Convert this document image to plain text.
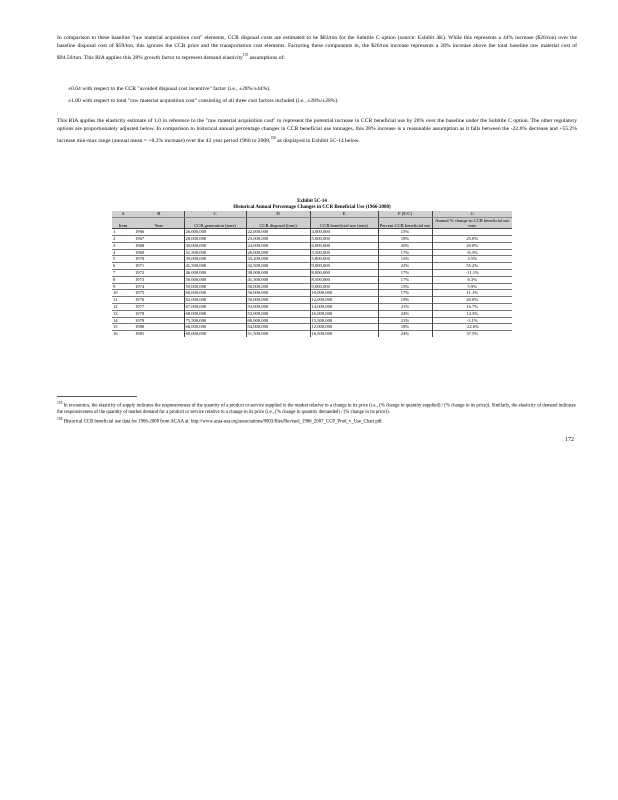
In comparison to these baseline "raw material acquisition cost" elements, CCR disposal costs are estimated to be $83/ton for the Subtitle C option (source: Exhibit 4K). While this represents a 44% increase ($26/ton) over the baseline disposal cost of $59/ton, this ignores the CCR price and the transportation cost elements. Factoring these components in, the $26/ton increase represents a 28% increase above the total baseline raw material cost of $94.50/ton. This RIA applies this 28% growth factor to represent demand elasticity$^{155}$ assumptions of:

±0.64 with respect to the CCR "avoided disposal cost incentive" factor (i.e., ±28%/±44%).

±1.00 with respect to total "raw material acquisition cost" consisting of all three cost factors included (i.e., ±28%/±28%).

This RIA applies the elasticity estimate of 1.0 in reference to the "raw material acquisition cost" to represent the potential increase in CCR beneficial use by 28% over the baseline under the Subtitle C option. The other regulatory options are proportionately adjusted below. In comparison to historical annual percentage changes in CCR beneficial use tonnages, this 28% increase is a reasonable assumption as it falls between the -22.6% decrease and +55.2% increase min-max range (annual mean = +8.2% increase) over the 43 year period 1966 to 2008,$^{156}$ as displayed in Exhibit 5C-14 below.

Exhibit 5C-14
Historical Annual Percentage Changes in CCR Beneficial Use (1966-2008)
A	B	C	D	E	F (E/C)	G
Item	Year	CCR generation (tons)	CCR disposal (tons)	CCR beneficial use (tons)	Percent CCR beneficial use	Annual % change in CCR beneficial use tons
1	1966	26,000,000	22,000,000	4,000,000	15%	
2	1967	28,000,000	23,000,000	5,000,000	18%	25.0%
3	1968	30,000,000	24,000,000	6,000,000	20%	20.0%
4	1969	31,500,000	26,000,000	5,500,000	17%	-8.3%
5	1970	39,000,000	33,200,000	5,800,000	15%	5.5%
6	1971	41,500,000	32,500,000	9,000,000	22%	55.2%
7	1972	46,000,000	38,000,000	8,000,000	17%	-11.1%
8	1973	50,000,000	41,500,000	8,500,000	17%	6.3%
9	1974	59,000,000	50,000,000	9,000,000	15%	5.9%
10	1975	60,000,000	50,000,000	10,000,000	17%	11.1%
11	1976	62,000,000	50,000,000	12,000,000	19%	20.0%
12	1977	67,000,000	53,000,000	14,000,000	21%	16.7%
13	1978	68,000,000	52,000,000	16,000,000	24%	14.3%
14	1979	75,500,000	60,000,000	15,500,000	21%	-3.1%
15	1980	66,000,000	54,000,000	12,000,000	18%	-22.6%
16	1981	68,000,000	51,500,000	16,500,000	24%	37.5%

$^{155}$ In economics, the elasticity of supply indicates the responsiveness of the quantity of a product or service supplied to the market relative to a change in its price (i.e., (% change in quantity supplied) / (% change in its price)). Similarly, the elasticity of demand indicates the responsiveness of the quantity of market demand for a product or service relative to a change in its price (i.e., (% change in quantity demanded) / (% change in its price)).

$^{156}$ Historical CCR beneficial use data for 1966-2008 from ACAA at: http://www.acaa-usa.org/associations/8003/files/Revised_1966_2007_CCP_Prod_v_Use_Chart.pdf

172
